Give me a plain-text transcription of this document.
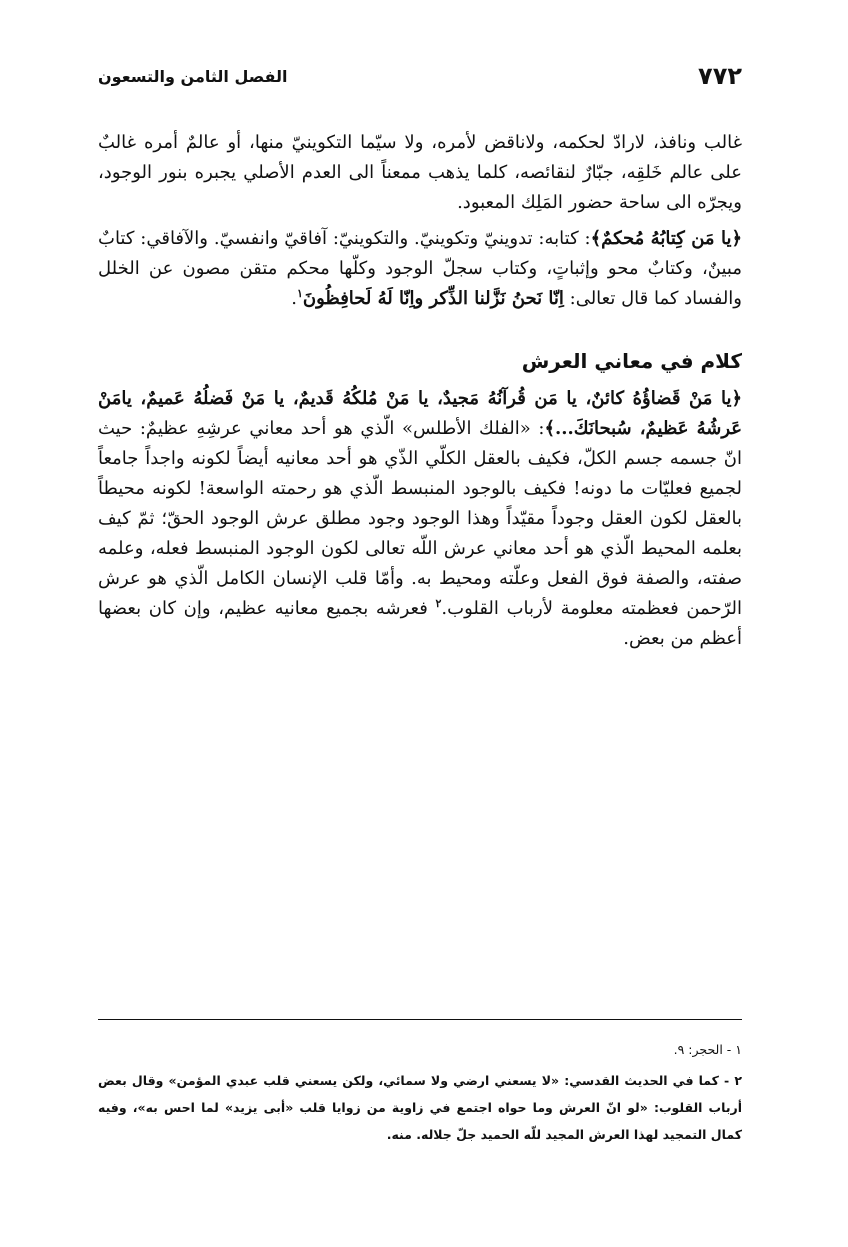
٧٧٢
الفصل الثامن والتسعون

غالب ونافذ، لارادّ لحكمه، ولاناقض لأمره، ولا سيّما التكوينيّ منها، أو عالمٌ أمره غالبٌ على عالم خَلقِه، جبّارٌ لنقائصه، كلما يذهب ممعناً الى العدم الأصلي يجبره بنور الوجود، ويجرّه الى ساحة حضور المَلِك المعبود.

﴿يا مَن كِتابُهُ مُحكمٌ﴾: كتابه: تدوينيّ وتكوينيّ. والتكوينيّ: آفاقيّ وانفسيّ. والآفاقي: كتابٌ مبينٌ، وكتابٌ محو وإثباتٍ، وكتاب سجلّ الوجود وكلّها محكم متقن مصون عن الخلل والفساد كما قال تعالى: اِنّا نَحنُ نَزَّلنا الذِّكر واِنّا لَهُ لَحافِظُونَ$^١$.

كلام في معاني العرش

﴿يا مَنْ قَضاؤُهُ كائنٌ، يا مَن قُرآنُهُ مَجيدٌ، يا مَنْ مُلكُهُ قَديمٌ، يا مَنْ فَضلُهُ عَميمٌ، يامَنْ عَرشُهُ عَظيمٌ، سُبحانَكَ...﴾: «الفلك الأطلس» الّذي هو أحد معاني عرشِهِ عظيمٌ: حيث انّ جسمه جسم الكلّ، فكيف بالعقل الكلّي الذّي هو أحد معانيه أيضاً لكونه واجداً جامعاً لجميع فعليّات ما دونه! فكيف بالوجود المنبسط الّذي هو رحمته الواسعة! لكونه محيطاً بالعقل لكون العقل وجوداً مقيّداً وهذا الوجود وجود مطلق عرش الوجود الحقّ؛ ثمّ كيف بعلمه المحيط الّذي هو أحد معاني عرش اللّه تعالى لكون الوجود المنبسط فعله، وعلمه صفته، والصفة فوق الفعل وعلّته ومحيط به. وأمّا قلب الإنسان الكامل الّذي هو عرش الرّحمن فعظمته معلومة لأرباب القلوب.$^٢$ فعرشه بجميع معانيه عظيم، وإن كان بعضها أعظم من بعض.

١ - الحجر: ٩.

٢ - كما في الحديث القدسي: «لا يسعني ارضي ولا سمائي، ولكن يسعني قلب عبدي المؤمن» وقال بعض أرباب القلوب: «لو انّ العرش وما حواه اجتمع في زاوية من زوايا قلب «أبى يزيد» لما احس به»، وفيه كمال التمجيد لهذا العرش المجيد للّه الحميد جلّ جلاله. منه.
